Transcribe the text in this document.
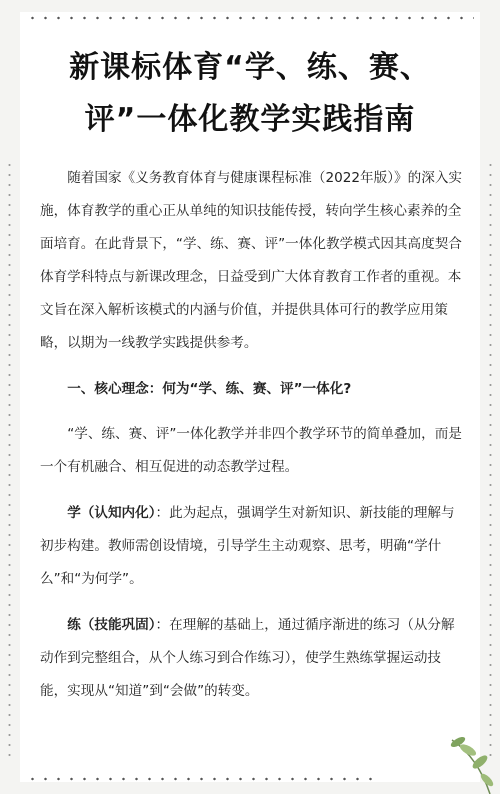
新课标体育“学、练、赛、
评”一体化教学实践指南

随着国家《义务教育体育与健康课程标准（2022年版）》的深入实施，体育教学的重心正从单纯的知识技能传授，转向学生核心素养的全面培育。在此背景下，“学、练、赛、评”一体化教学模式因其高度契合体育学科特点与新课改理念，日益受到广大体育教育工作者的重视。本文旨在深入解析该模式的内涵与价值，并提供具体可行的教学应用策略，以期为一线教学实践提供参考。

一、核心理念：何为“学、练、赛、评”一体化?

“学、练、赛、评”一体化教学并非四个教学环节的简单叠加，而是一个有机融合、相互促进的动态教学过程。

学（认知内化）：此为起点，强调学生对新知识、新技能的理解与初步构建。教师需创设情境，引导学生主动观察、思考，明确“学什么”和“为何学”。

练（技能巩固）：在理解的基础上，通过循序渐进的练习（从分解动作到完整组合，从个人练习到合作练习），使学生熟练掌握运动技能，实现从“知道”到“会做”的转变。
